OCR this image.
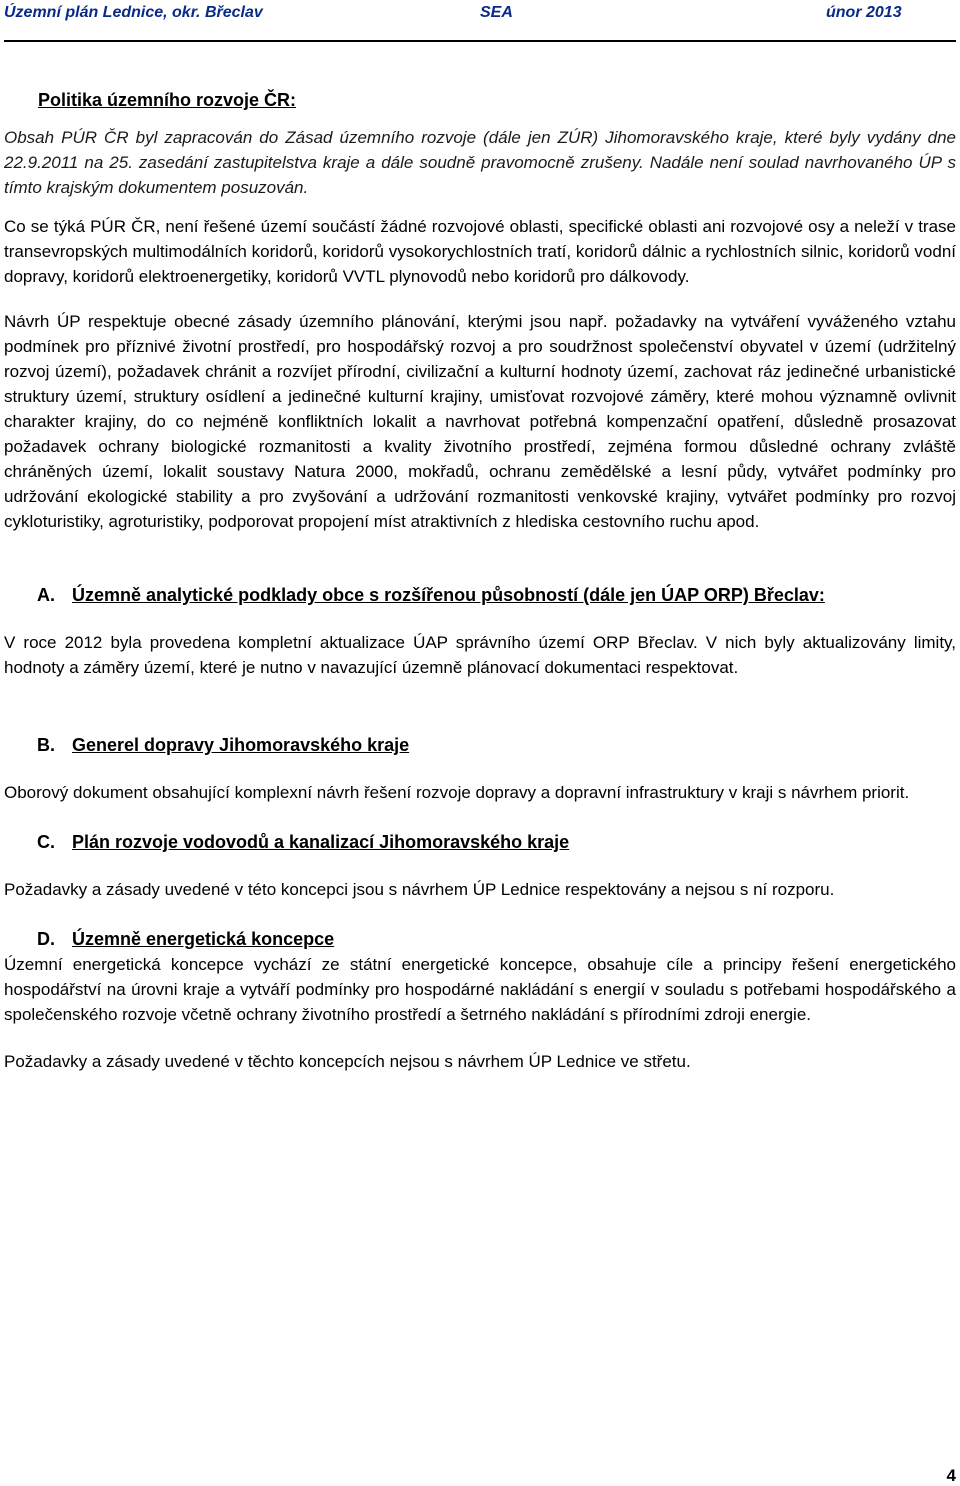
Územní plán Lednice, okr. Břeclav	SEA	únor 2013

Politika územního rozvoje ČR:

Obsah PÚR ČR byl zapracován do Zásad územního rozvoje (dále jen ZÚR) Jihomoravského kraje, které byly vydány dne 22.9.2011 na 25. zasedání zastupitelstva kraje a dále soudně pravomocně zrušeny. Nadále není soulad navrhovaného ÚP s tímto krajským dokumentem posuzován.

Co se týká PÚR ČR, není řešené území součástí žádné rozvojové oblasti, specifické oblasti ani rozvojové osy a neleží v trase transevropských multimodálních koridorů, koridorů vysokorychlostních tratí, koridorů dálnic a rychlostních silnic, koridorů vodní dopravy, koridorů elektroenergetiky, koridorů VVTL plynovodů nebo koridorů pro dálkovody.

Návrh ÚP respektuje obecné zásady územního plánování, kterými jsou např. požadavky na vytváření vyváženého vztahu podmínek pro příznivé životní prostředí, pro hospodářský rozvoj a pro soudržnost společenství obyvatel v území (udržitelný rozvoj území), požadavek chránit a rozvíjet přírodní, civilizační a kulturní hodnoty území, zachovat ráz jedinečné urbanistické struktury území, struktury osídlení a jedinečné kulturní krajiny, umisťovat rozvojové záměry, které mohou významně ovlivnit charakter krajiny, do co nejméně konfliktních lokalit a navrhovat potřebná kompenzační opatření, důsledně prosazovat požadavek ochrany biologické rozmanitosti a kvality životního prostředí, zejména formou důsledné ochrany zvláště chráněných území, lokalit soustavy Natura 2000, mokřadů, ochranu zemědělské a lesní půdy, vytvářet podmínky pro udržování ekologické stability a pro zvyšování a udržování rozmanitosti venkovské krajiny, vytvářet podmínky pro rozvoj cykloturistiky, agroturistiky, podporovat propojení míst atraktivních z hlediska cestovního ruchu apod.

A. Územně analytické podklady obce s rozšířenou působností (dále jen ÚAP ORP) Břeclav:

V roce 2012 byla provedena kompletní aktualizace ÚAP správního území ORP Břeclav. V nich byly aktualizovány limity, hodnoty a záměry území, které je nutno v navazující územně plánovací dokumentaci respektovat.

B. Generel dopravy Jihomoravského kraje

Oborový dokument obsahující komplexní návrh řešení rozvoje dopravy a dopravní infrastruktury v kraji s návrhem priorit.

C. Plán rozvoje vodovodů a kanalizací Jihomoravského kraje

Požadavky a zásady uvedené v této koncepci jsou s návrhem ÚP Lednice respektovány a nejsou s ní rozporu.

D. Územně energetická koncepce

Územní energetická koncepce vychází ze státní energetické koncepce, obsahuje cíle a principy řešení energetického hospodářství na úrovni kraje a vytváří podmínky pro hospodárné nakládání s energií v souladu s potřebami hospodářského a společenského rozvoje včetně ochrany životního prostředí a šetrného nakládání s přírodními zdroji energie.

Požadavky a zásady uvedené v těchto koncepcích nejsou s návrhem ÚP Lednice ve střetu.

4
